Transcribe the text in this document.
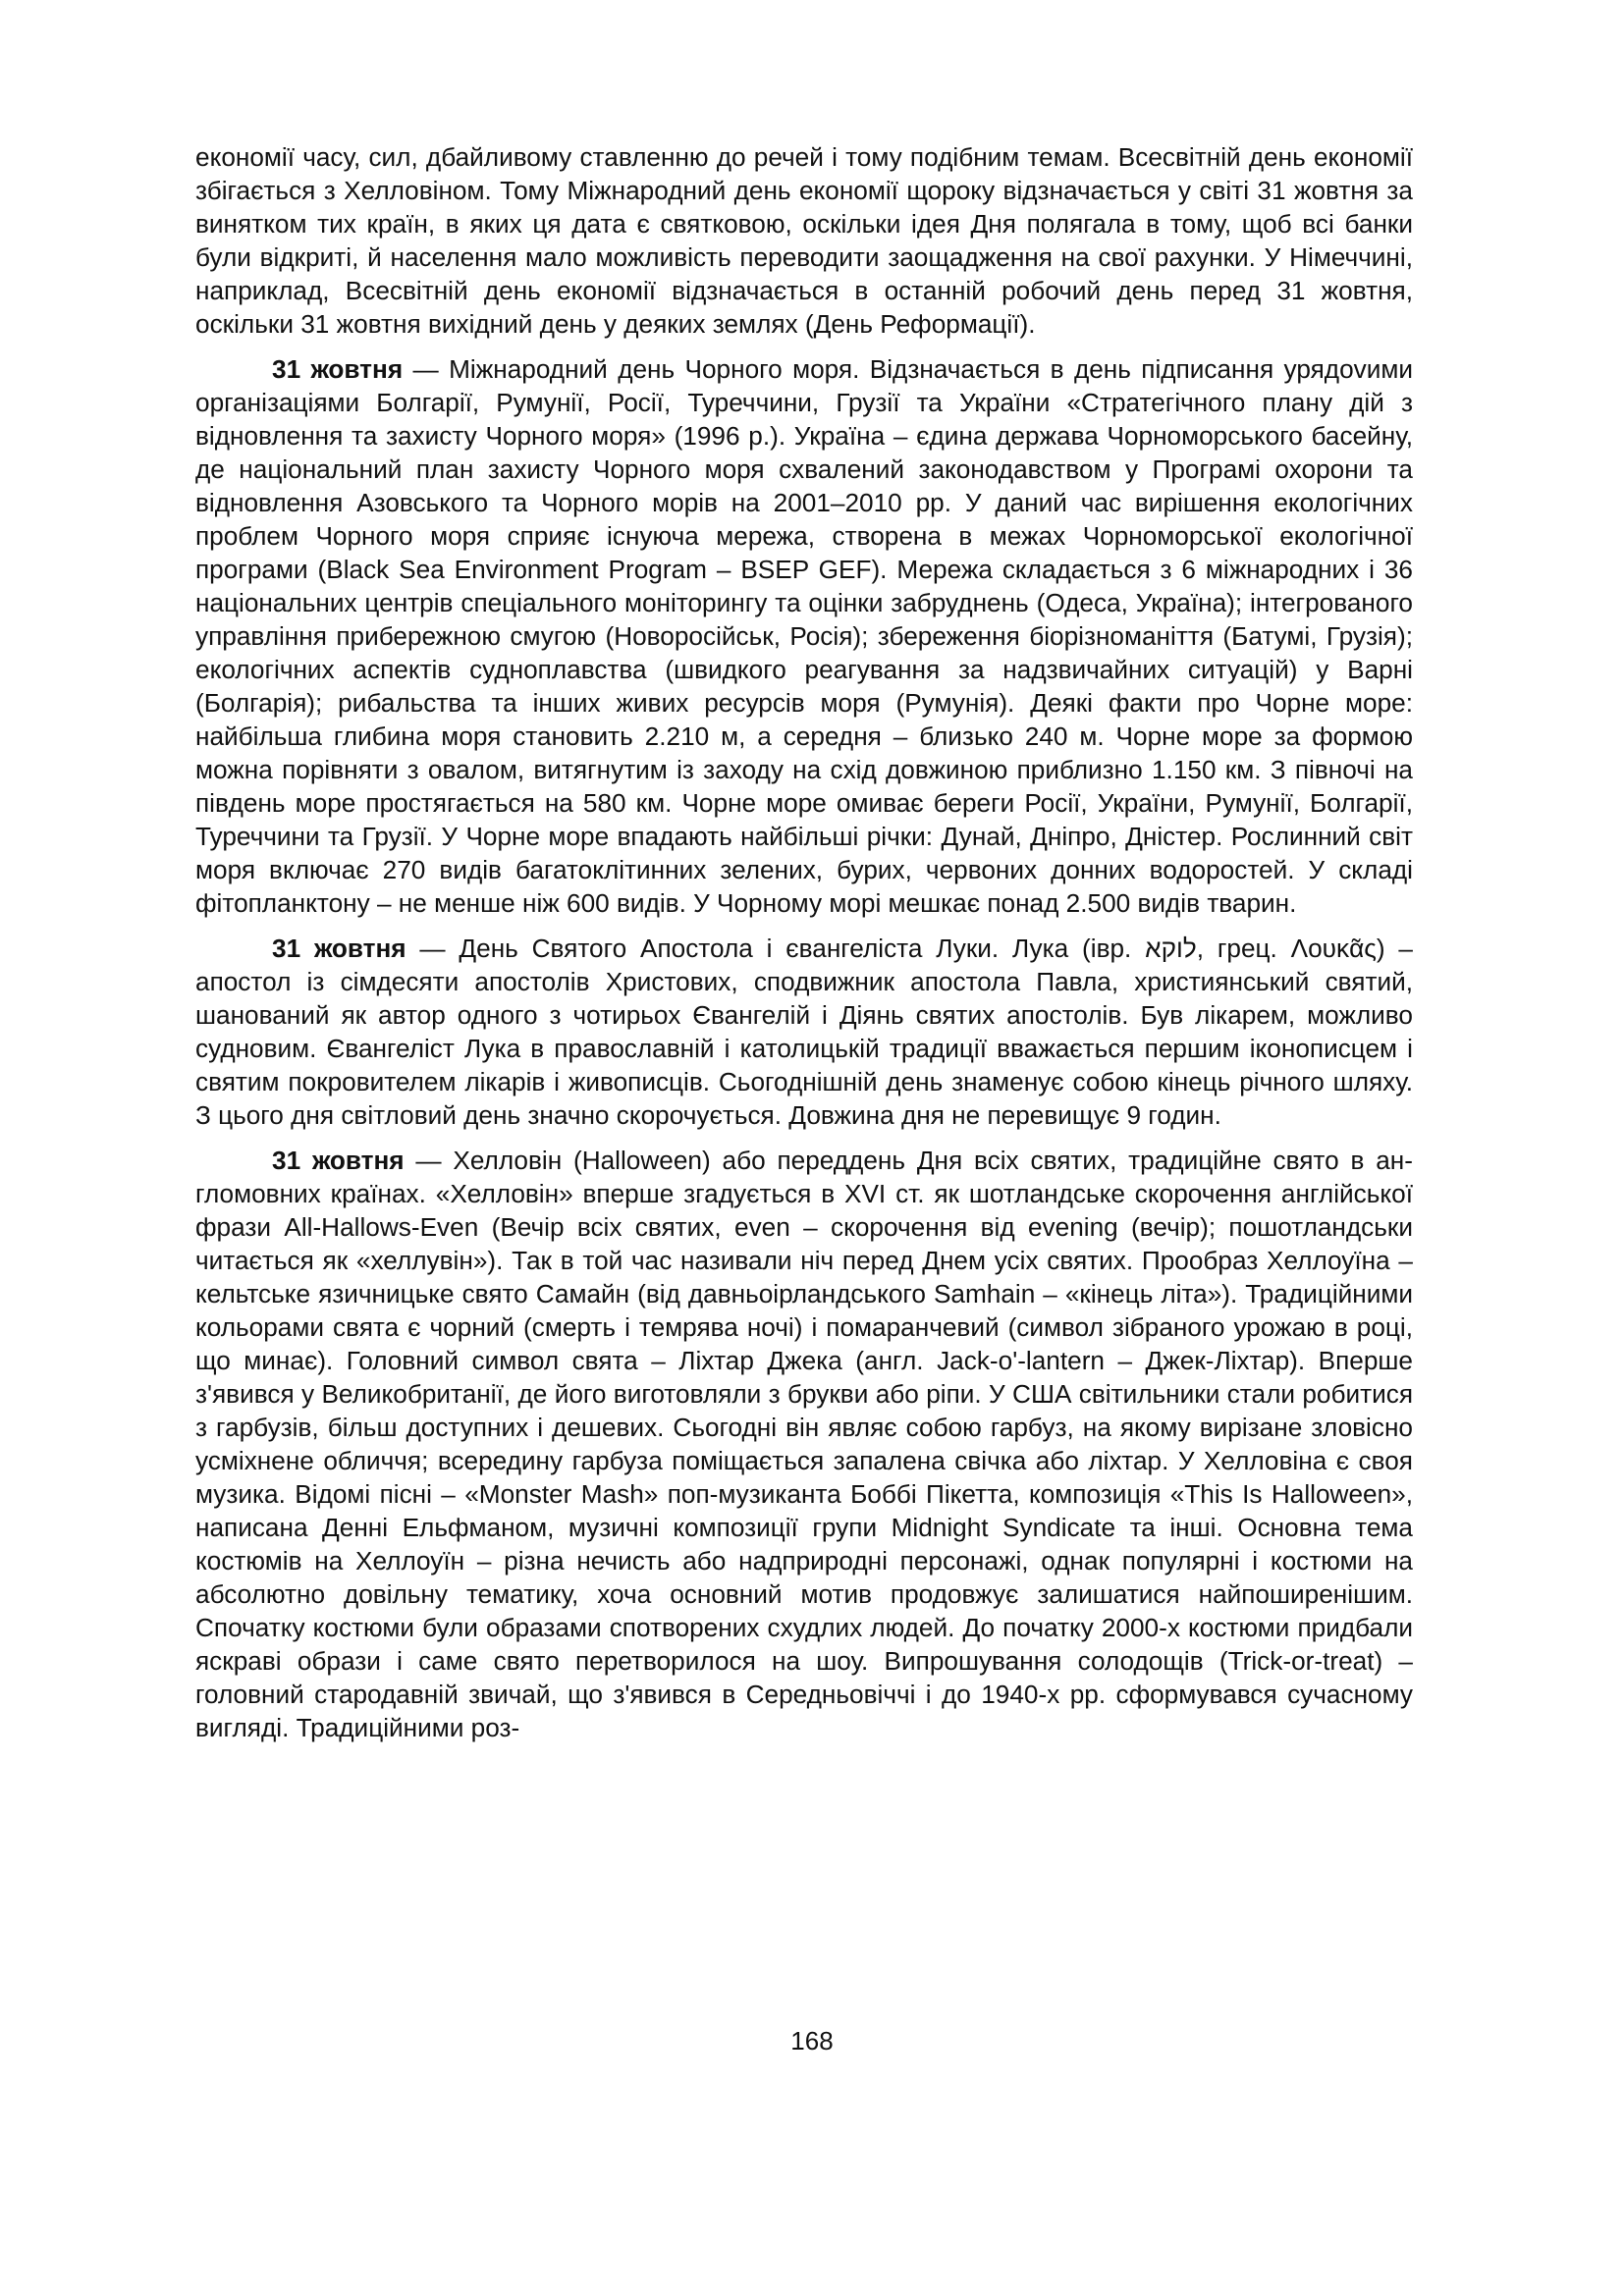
економії часу, сил, дбайливому ставленню до речей і тому подібним темам. Всесвітній день економії збігається з Хелловіном. Тому Міжнародний день економії щороку відзначається у світі 31 жовтня за винятком тих країн, в яких ця дата є святковою, оскільки ідея Дня полягала в тому, щоб всі банки були відкриті, й населення мало можливість переводити заощадження на свої рахунки. У Німеччині, наприклад, Всесвітній день економії відзначається в останній робочий день перед 31 жовтня, оскільки 31 жовтня вихідний день у деяких землях (День Реформації).

31 жовтня — Міжнародний день Чорного моря. Відзначається в день підписання урядоvими організаціями Болгарії, Румунії, Росії, Туреччини, Грузії та України «Стратегічного плану дій з відновлення та захисту Чорного моря» (1996 р.). Україна – єдина держава Чорноморського басейну, де національний план захисту Чорного моря схвалений законодавством у Програмі охорони та відновлення Азовського та Чорного морів на 2001–2010 рр. У даний час вирішення екологічних проблем Чорного моря сприяє існуюча мережа, створена в межах Чорноморської екологічної програми (Black Sea Environment Program – BSEP GEF). Мережа складається з 6 міжнародних і 36 національних центрів спеціального моніторингу та оцінки забруднень (Одеса, Україна); інтегрованого управління прибережною смугою (Новоросійськ, Росія); збереження біорізноманіття (Батумі, Грузія); екологічних аспектів судноплавства (швидкого реагування за надзвичайних ситуацій) у Варні (Болгарія); рибальства та інших живих ресурсів моря (Румунія). Деякі факти про Чорне море: найбільша глибина моря становить 2.210 м, а середня – близько 240 м. Чорне море за формою можна порівняти з овалом, витягнутим із заходу на схід довжиною приблизно 1.150 км. З півночі на південь море простягається на 580 км. Чорне море омиває береги Росії, України, Румунії, Болгарії, Туреччини та Грузії. У Чорне море впадають найбільші річки: Дунай, Дніпро, Дністер. Рослинний світ моря включає 270 видів багатоклітинних зелених, бурих, червоних донних водоростей. У складі фітопланктону – не менше ніж 600 видів. У Чорному морі мешкає понад 2.500 видів тварин.

31 жовтня — День Святого Апостола і євангеліста Луки. Лука (івр. לוקא, грец. Λουκᾶς) – апостол із сімдесяти апостолів Христових, сподвижник апостола Павла, християнський святий, шанований як автор одного з чотирьох Євангелій і Діянь святих апостолів. Був лікарем, можливо судновим. Євангеліст Лука в православній і католицькій традиції вважається першим іконописцем і святим покровителем лікарів і живописців. Сьогоднішній день знаменує собою кінець річного шляху. З цього дня світловий день значно скорочується. Довжина дня не перевищує 9 годин.

31 жовтня — Хелловін (Halloween) або переддень Дня всіх святих, традиційне свято в англомовних країнах. «Хелловін» вперше згадується в XVI ст. як шотландське скорочення англійської фрази All-Hallows-Even (Вечір всіх святих, even – скорочення від evening (вечір); пошотландськи читається як «хеллувін»). Так в той час називали ніч перед Днем усіх святих. Прообраз Хеллоуїна – кельтське язичницьке свято Самайн (від давньоірландського Samhain – «кінець літа»). Традиційними кольорами свята є чорний (смерть і темрява ночі) і помаранчевий (символ зібраного урожаю в році, що минає). Головний символ свята – Ліхтар Джека (англ. Jack-o'-lantern – Джек-Ліхтар). Вперше з'явився у Великобританії, де його виготовляли з брукви або ріпи. У США світильники стали робитися з гарбузів, більш доступних і дешевих. Сьогодні він являє собою гарбуз, на якому вирізане зловісно усміхнене обличчя; всередину гарбуза поміщається запалена свічка або ліхтар. У Хелловіна є своя музика. Відомі пісні – «Monster Mash» поп-музиканта Боббі Пікетта, композиція «This Is Halloween», написана Денні Ельфманом, музичні композиції групи Midnight Syndicate та інші. Основна тема костюмів на Хеллоуїн – різна нечисть або надприродні персонажі, однак популярні і костюми на абсолютно довільну тематику, хоча основний мотив продовжує залишатися найпоширенішим. Спочатку костюми були образами спотворених схудлих людей. До початку 2000-х костюми придбали яскраві образи і саме свято перетворилося на шоу. Випрошування солодощів (Trick-or-treat) – головний стародавній звичай, що з'явився в Середньовіччі і до 1940-х рр. сформувався сучасному вигляді. Традиційними роз-

168
